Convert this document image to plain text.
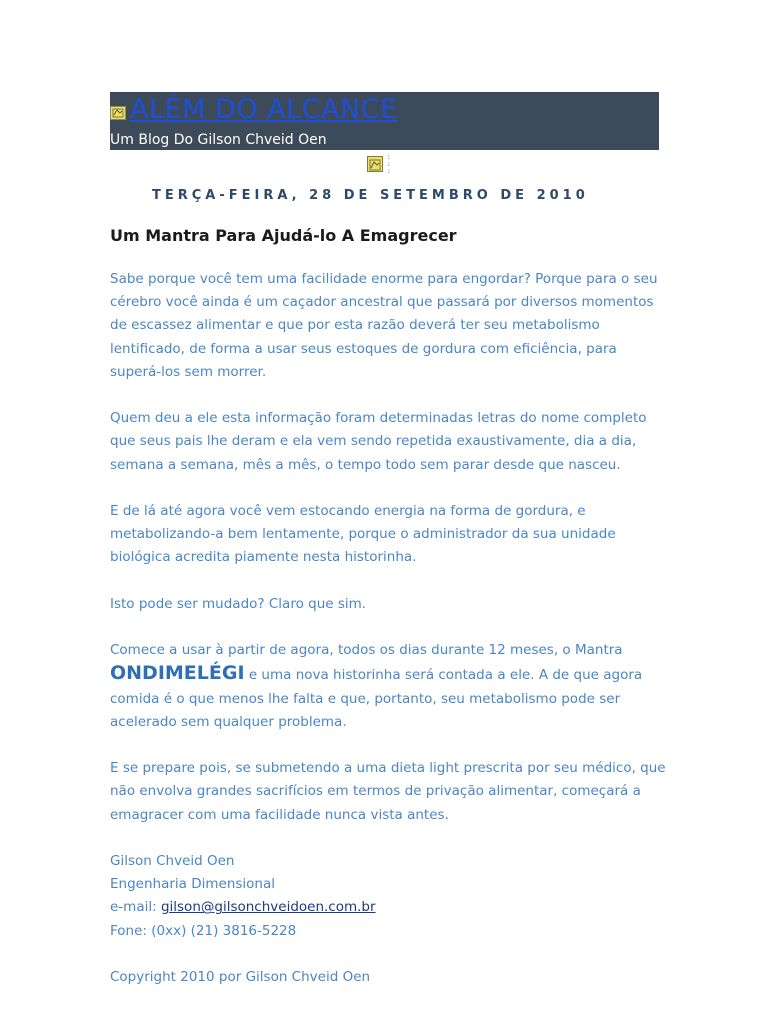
ALÉM DO ALCANCE
Um Blog Do Gilson Chveid Oen
:
:
:
TERÇA-FEIRA, 28 DE SETEMBRO DE 2010
Um Mantra Para Ajudá-lo A Emagrecer

Sabe porque você tem uma facilidade enorme para engordar? Porque para o seu cérebro você ainda é um caçador ancestral que passará por diversos momentos de escassez alimentar e que por esta razão deverá ter seu metabolismo lentificado, de forma a usar seus estoques de gordura com eficiência, para superá-los sem morrer.

Quem deu a ele esta informação foram determinadas letras do nome completo que seus pais lhe deram e ela vem sendo repetida exaustivamente, dia a dia, semana a semana, mês a mês, o tempo todo sem parar desde que nasceu.

E de lá até agora você vem estocando energia na forma de gordura, e metabolizando-a bem lentamente, porque o administrador da sua unidade biológica acredita piamente nesta historinha.

Isto pode ser mudado? Claro que sim.

Comece a usar à partir de agora, todos os dias durante 12 meses, o Mantra
ONDIMELÉGI e uma nova historinha será contada a ele. A de que agora comida é o que menos lhe falta e que, portanto, seu metabolismo pode ser acelerado sem qualquer problema.

E se prepare pois, se submetendo a uma dieta light prescrita por seu médico, que não envolva grandes sacrifícios em termos de privação alimentar, começará a emagracer com uma facilidade nunca vista antes.

Gilson Chveid Oen
Engenharia Dimensional
e-mail: gilson@gilsonchveidoen.com.br
Fone: (0xx) (21) 3816-5228
Copyright 2010 por Gilson Chveid Oen
